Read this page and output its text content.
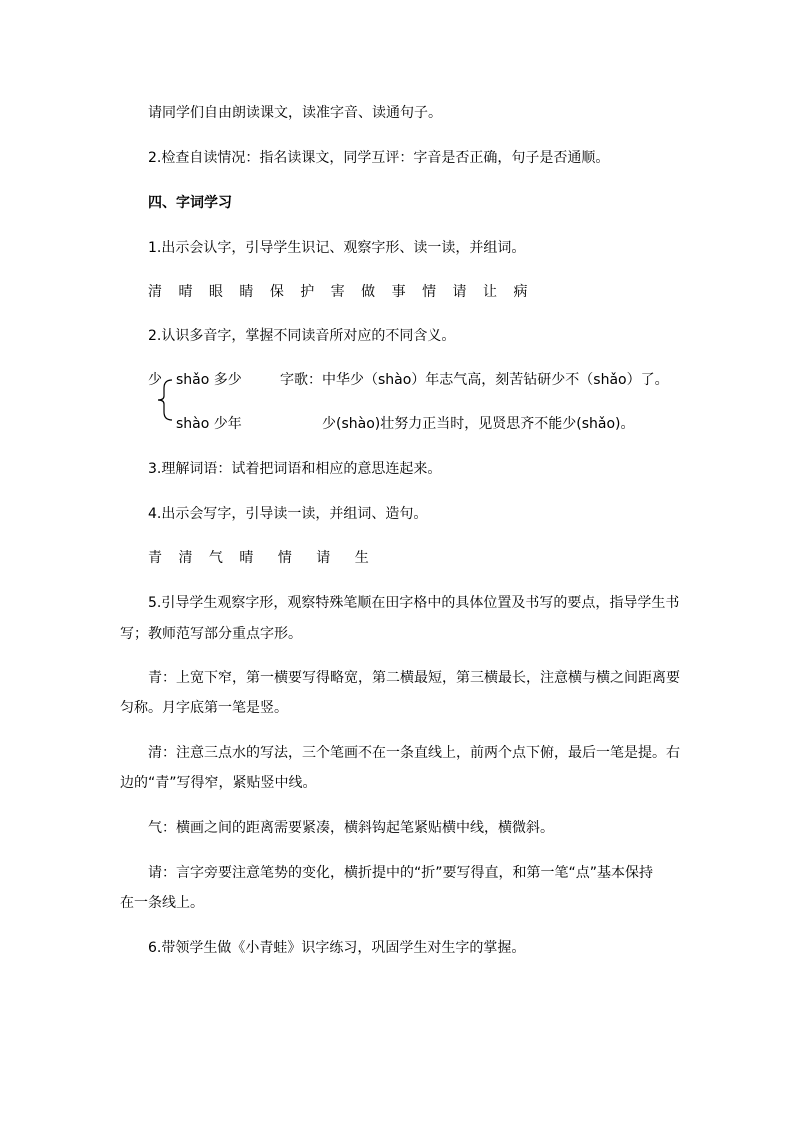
请同学们自由朗读课文，读准字音、读通句子。
2.检查自读情况：指名读课文，同学互评：字音是否正确，句子是否通顺。
四、字词学习
1.出示会认字，引导学生识记、观察字形、读一读，并组词。
清 晴 眼 睛 保 护 害 做 事 情 请 让 病
2.认识多音字，掌握不同读音所对应的不同含义。
少 shǎo 多少	字歌：中华少（shào）年志气高，刻苦钻研少不（shǎo）了。
shào 少年	少(shào)壮努力正当时，见贤思齐不能少(shǎo)。
3.理解词语：试着把词语和相应的意思连起来。
4.出示会写字，引导读一读，并组词、造句。
青 清 气 晴 情 请 生
5.引导学生观察字形，观察特殊笔顺在田字格中的具体位置及书写的要点，指导学生书
写；教师范写部分重点字形。
青：上宽下窄，第一横要写得略宽，第二横最短，第三横最长，注意横与横之间距离要
匀称。月字底第一笔是竖。
清：注意三点水的写法，三个笔画不在一条直线上，前两个点下俯，最后一笔是提。右
边的“青”写得窄，紧贴竖中线。
气：横画之间的距离需要紧凑，横斜钩起笔紧贴横中线，横微斜。
请：言字旁要注意笔势的变化，横折提中的“折”要写得直，和第一笔“点”基本保持
在一条线上。
6.带领学生做《小青蛙》识字练习，巩固学生对生字的掌握。
